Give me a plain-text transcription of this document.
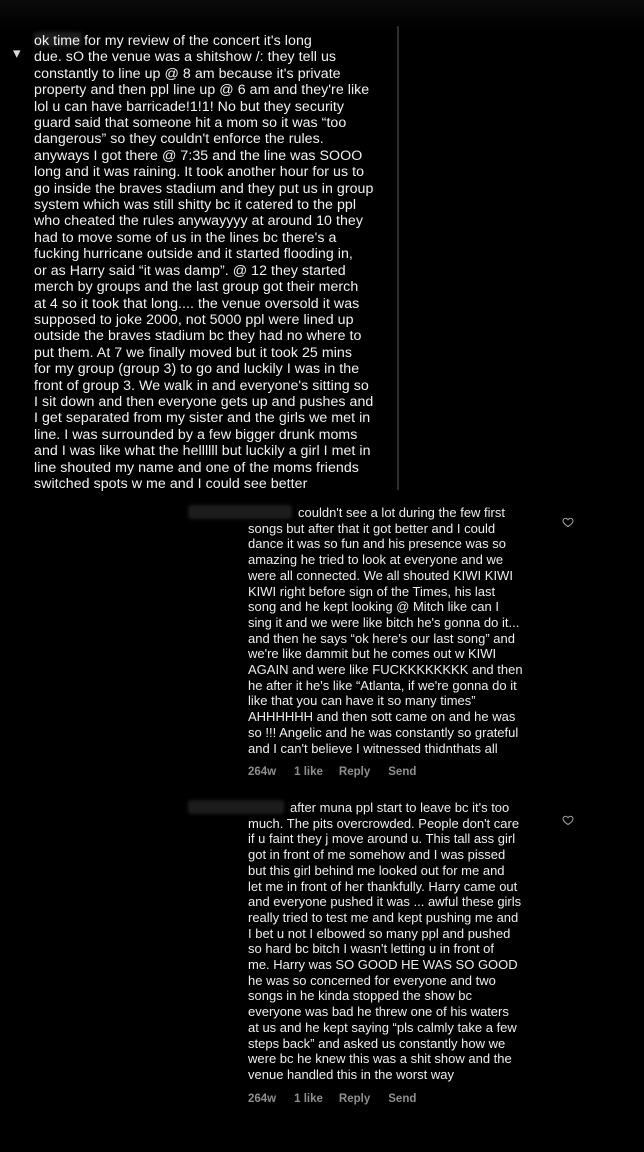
▾

ok time for my review of the concert it's long
due. sO the venue was a shitshow /: they tell us
constantly to line up @ 8 am because it's private
property and then ppl line up @ 6 am and they're like
lol u can have barricade!1!1! No but they security
guard said that someone hit a mom so it was “too
dangerous” so they couldn't enforce the rules.
anyways I got there @ 7:35 and the line was SOOO
long and it was raining. It took another hour for us to
go inside the braves stadium and they put us in group
system which was still shitty bc it catered to the ppl
who cheated the rules anywayyyy at around 10 they
had to move some of us in the lines bc there's a
fucking hurricane outside and it started flooding in,
or as Harry said “it was damp”. @ 12 they started
merch by groups and the last group got their merch
at 4 so it took that long.... the venue oversold it was
supposed to joke 2000, not 5000 ppl were lined up
outside the braves stadium bc they had no where to
put them. At 7 we finally moved but it took 25 mins
for my group (group 3) to go and luckily I was in the
front of group 3. We walk in and everyone's sitting so
I sit down and then everyone gets up and pushes and
I get separated from my sister and the girls we met in
line. I was surrounded by a few bigger drunk moms
and I was like what the hellllll but luckily a girl I met in
line shouted my name and one of the moms friends
switched spots w me and I could see better

couldn't see a lot during the few first
songs but after that it got better and I could
dance it was so fun and his presence was so
amazing he tried to look at everyone and we
were all connected. We all shouted KIWI KIWI
KIWI right before sign of the Times, his last
song and he kept looking @ Mitch like can I
sing it and we were like bitch he's gonna do it...
and then he says “ok here's our last song” and
we're like dammit but he comes out w KIWI
AGAIN and were like FUCKKKKKKKK and then
he after it he's like “Atlanta, if we're gonna do it
like that you can have it so many times”
AHHHHHH and then sott came on and he was
so !!! Angelic and he was constantly so grateful
and I can't believe I witnessed thidnthats all

264w 1 like Reply Send

after muna ppl start to leave bc it's too
much. The pits overcrowded. People don't care
if u faint they j move around u. This tall ass girl
got in front of me somehow and I was pissed
but this girl behind me looked out for me and
let me in front of her thankfully. Harry came out
and everyone pushed it was ... awful these girls
really tried to test me and kept pushing me and
I bet u not I elbowed so many ppl and pushed
so hard bc bitch I wasn't letting u in front of
me. Harry was SO GOOD HE WAS SO GOOD
he was so concerned for everyone and two
songs in he kinda stopped the show bc
everyone was bad he threw one of his waters
at us and he kept saying “pls calmly take a few
steps back” and asked us constantly how we
were bc he knew this was a shit show and the
venue handled this in the worst way

264w 1 like Reply Send
